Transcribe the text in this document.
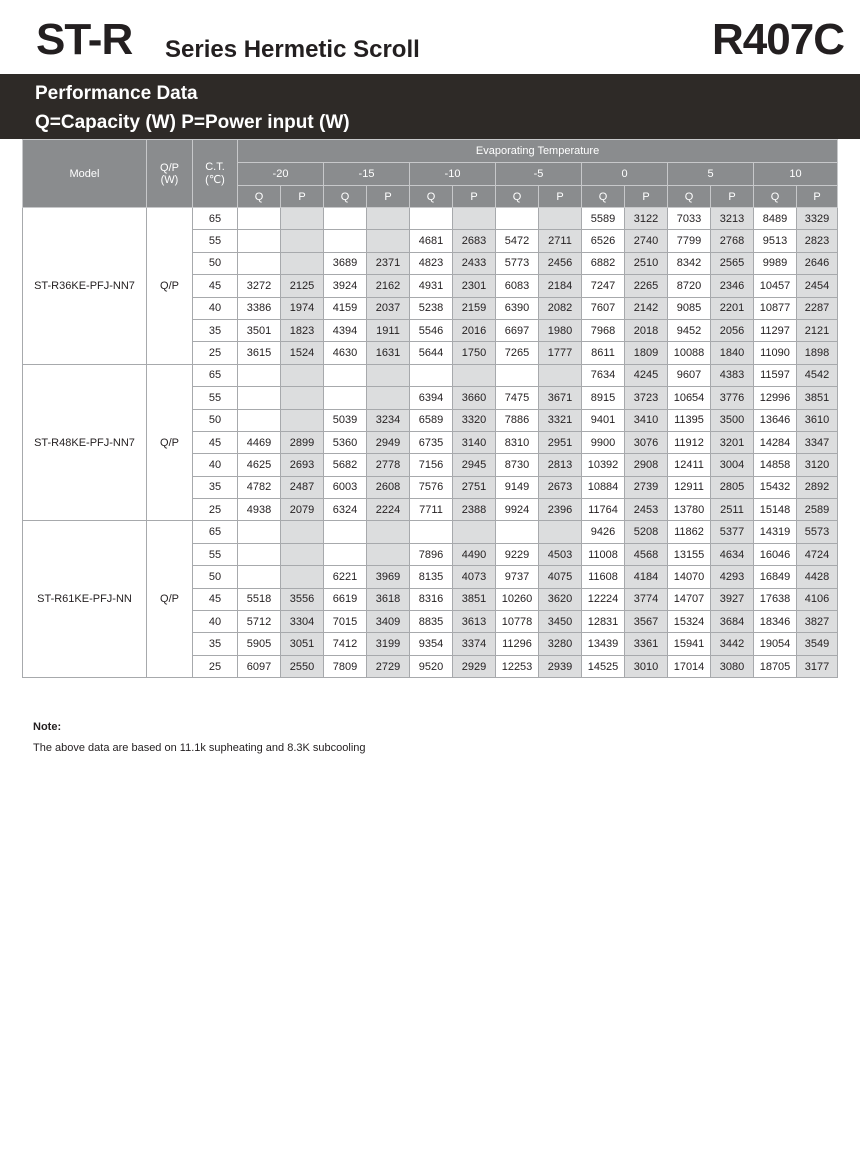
ST-R Series Hermetic Scroll	R407C
Performance Data
Q=Capacity (W) P=Power input (W)
Model	Q/P
(W)	C.T.
(℃)	Evaporating Temperature													
			-20		-15		-10		-5		0		5		10	
			Q	P	Q	P	Q	P	Q	P	Q	P	Q	P	Q	P
ST-R36KE-PFJ-NN7	Q/P	65									5589	3122	7033	3213	8489	3329
		55					4681	2683	5472	2711	6526	2740	7799	2768	9513	2823
		50			3689	2371	4823	2433	5773	2456	6882	2510	8342	2565	9989	2646
		45	3272	2125	3924	2162	4931	2301	6083	2184	7247	2265	8720	2346	10457	2454
		40	3386	1974	4159	2037	5238	2159	6390	2082	7607	2142	9085	2201	10877	2287
		35	3501	1823	4394	1911	5546	2016	6697	1980	7968	2018	9452	2056	11297	2121
		25	3615	1524	4630	1631	5644	1750	7265	1777	8611	1809	10088	1840	11090	1898
ST-R48KE-PFJ-NN7	Q/P	65									7634	4245	9607	4383	11597	4542
		55					6394	3660	7475	3671	8915	3723	10654	3776	12996	3851
		50			5039	3234	6589	3320	7886	3321	9401	3410	11395	3500	13646	3610
		45	4469	2899	5360	2949	6735	3140	8310	2951	9900	3076	11912	3201	14284	3347
		40	4625	2693	5682	2778	7156	2945	8730	2813	10392	2908	12411	3004	14858	3120
		35	4782	2487	6003	2608	7576	2751	9149	2673	10884	2739	12911	2805	15432	2892
		25	4938	2079	6324	2224	7711	2388	9924	2396	11764	2453	13780	2511	15148	2589
ST-R61KE-PFJ-NN	Q/P	65									9426	5208	11862	5377	14319	5573
		55					7896	4490	9229	4503	11008	4568	13155	4634	16046	4724
		50			6221	3969	8135	4073	9737	4075	11608	4184	14070	4293	16849	4428
		45	5518	3556	6619	3618	8316	3851	10260	3620	12224	3774	14707	3927	17638	4106
		40	5712	3304	7015	3409	8835	3613	10778	3450	12831	3567	15324	3684	18346	3827
		35	5905	3051	7412	3199	9354	3374	11296	3280	13439	3361	15941	3442	19054	3549
		25	6097	2550	7809	2729	9520	2929	12253	2939	14525	3010	17014	3080	18705	3177
Note:
The above data are based on 11.1k supheating and 8.3K subcooling
